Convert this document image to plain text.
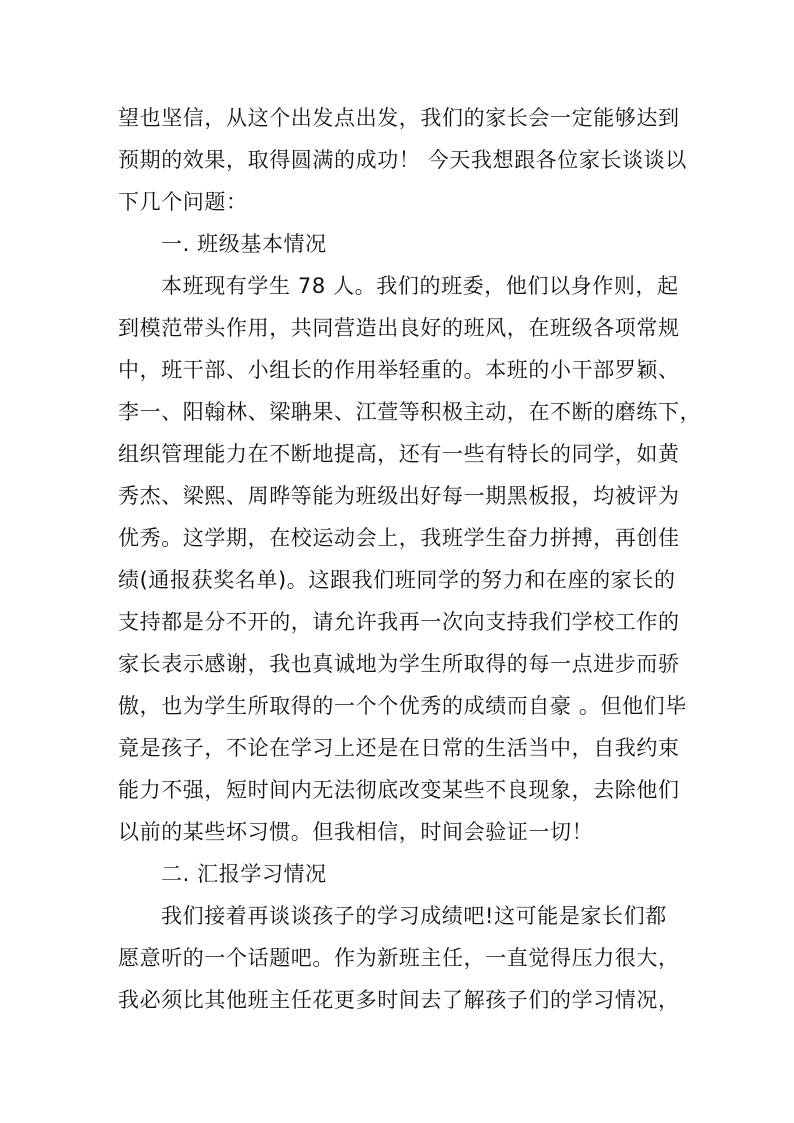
望也坚信，从这个出发点出发，我们的家长会一定能够达到
预期的效果，取得圆满的成功！ 今天我想跟各位家长谈谈以
下几个问题：
一. 班级基本情况
本班现有学生 78 人。我们的班委，他们以身作则，起
到模范带头作用，共同营造出良好的班风，在班级各项常规
中，班干部、小组长的作用举轻重的。本班的小干部罗颖、
李一、阳翰林、梁聃果、江萱等积极主动，在不断的磨练下，
组织管理能力在不断地提高，还有一些有特长的同学，如黄
秀杰、梁熙、周晔等能为班级出好每一期黑板报，均被评为
优秀。这学期，在校运动会上，我班学生奋力拼搏，再创佳
绩(通报获奖名单)。这跟我们班同学的努力和在座的家长的
支持都是分不开的，请允许我再一次向支持我们学校工作的
家长表示感谢，我也真诚地为学生所取得的每一点进步而骄
傲，也为学生所取得的一个个优秀的成绩而自豪 。但他们毕
竟是孩子，不论在学习上还是在日常的生活当中，自我约束
能力不强，短时间内无法彻底改变某些不良现象，去除他们
以前的某些坏习惯。但我相信，时间会验证一切！
二. 汇报学习情况
我们接着再谈谈孩子的学习成绩吧!这可能是家长们都
愿意听的一个话题吧。作为新班主任，一直觉得压力很大，
我必须比其他班主任花更多时间去了解孩子们的学习情况，
